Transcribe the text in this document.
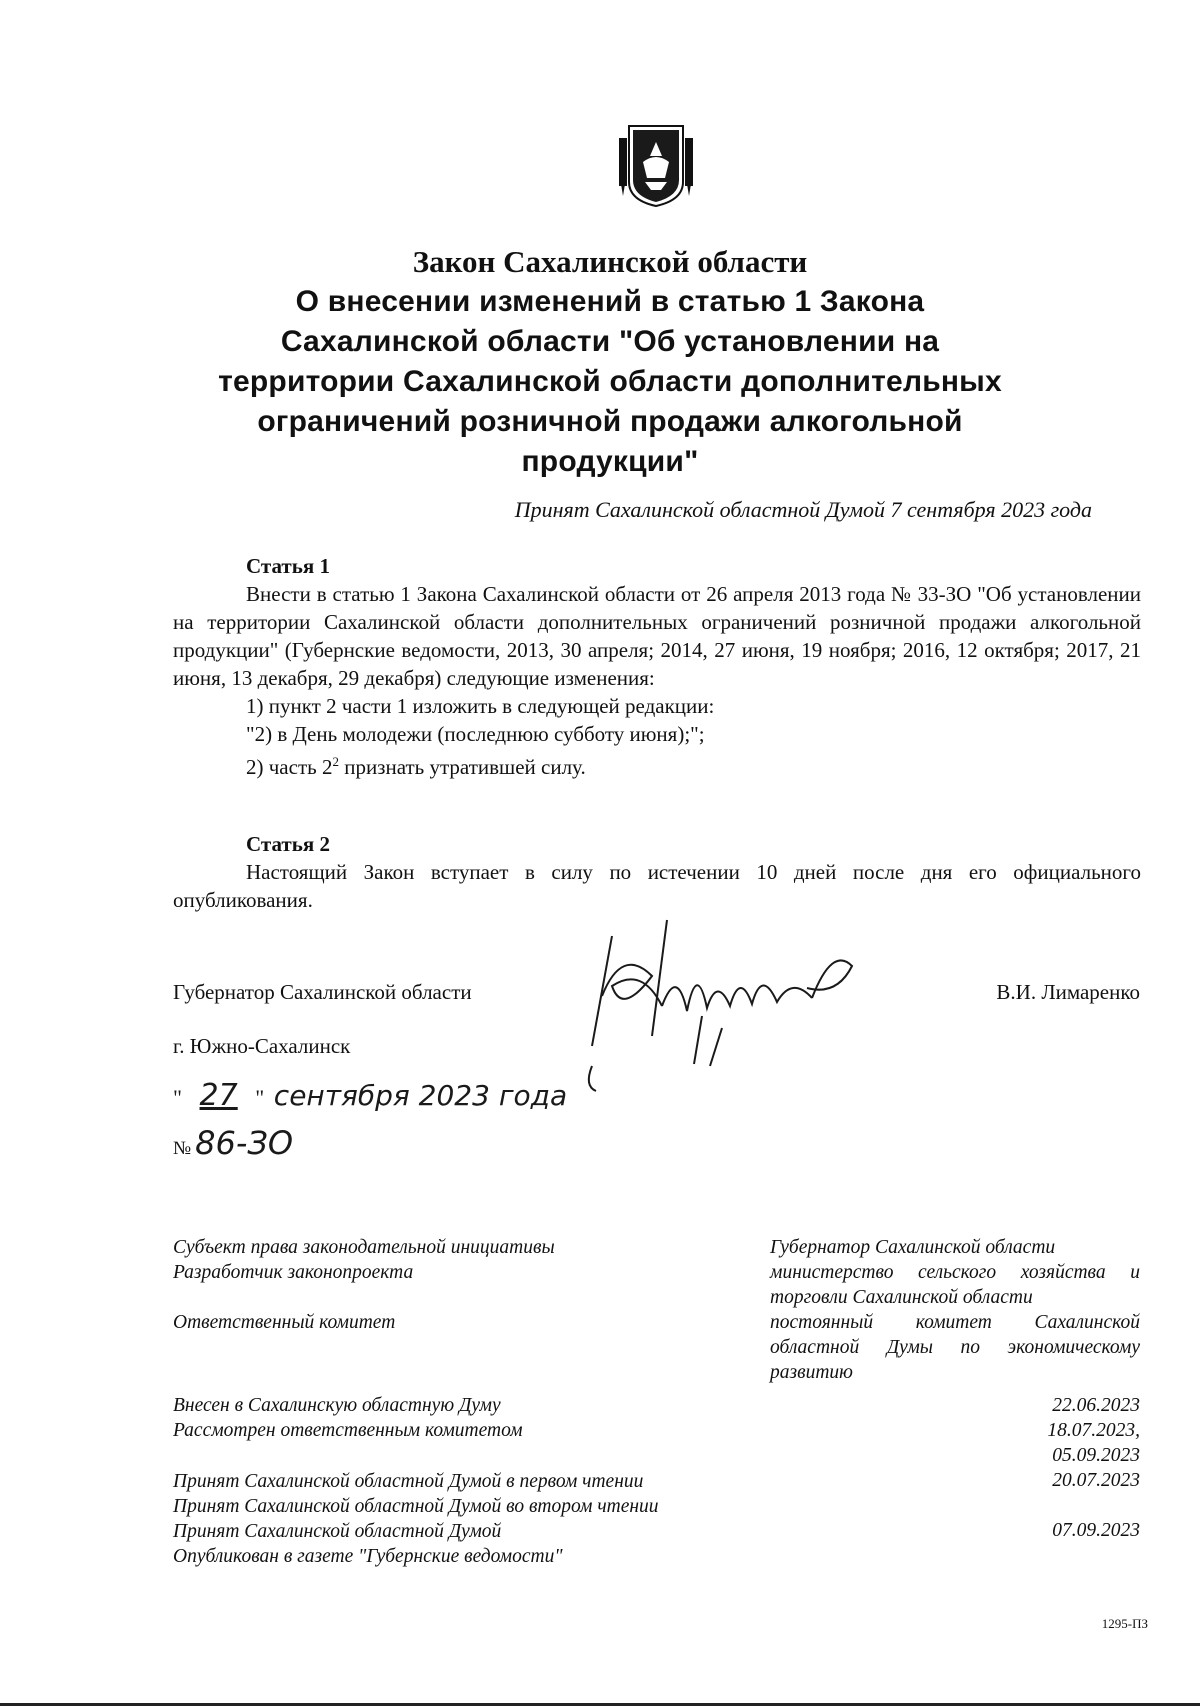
Закон Сахалинской области
О внесении изменений в статью 1 Закона
Сахалинской области "Об установлении на
территории Сахалинской области дополнительных
ограничений розничной продажи алкогольной
продукции"
Принят Сахалинской областной Думой 7 сентября 2023 года
Статья 1

Внести в статью 1 Закона Сахалинской области от 26 апреля 2013 года № 33-ЗО "Об установлении на территории Сахалинской области дополнительных ограничений розничной продажи алкогольной продукции" (Губернские ведомости, 2013, 30 апреля; 2014, 27 июня, 19 ноября; 2016, 12 октября; 2017, 21 июня, 13 декабря, 29 декабря) следующие изменения:

1) пункт 2 части 1 изложить в следующей редакции:

"2) в День молодежи (последнюю субботу июня);";

2) часть $2^2$ признать утратившей силу.

Статья 2

Настоящий Закон вступает в силу по истечении 10 дней после дня его официального опубликования.

Губернатор Сахалинской области	В.И. Лимаренко
г. Южно-Сахалинск
" 27 " сентября 2023 года
№ 86-ЗО
Субъект права законодательной инициативы
Разработчик законопроекта
Ответственный комитет
Губернатор Сахалинской области
министерство сельского хозяйства и торговли Сахалинской области
постоянный комитет Сахалинской областной Думы по экономическому развитию
Внесен в Сахалинскую областную Думу
Рассмотрен ответственным комитетом
Принят Сахалинской областной Думой в первом чтении
Принят Сахалинской областной Думой во втором чтении
Принят Сахалинской областной Думой
Опубликован в газете "Губернские ведомости"
22.06.2023
18.07.2023,
05.09.2023
20.07.2023

07.09.2023
1295-ПЗ
